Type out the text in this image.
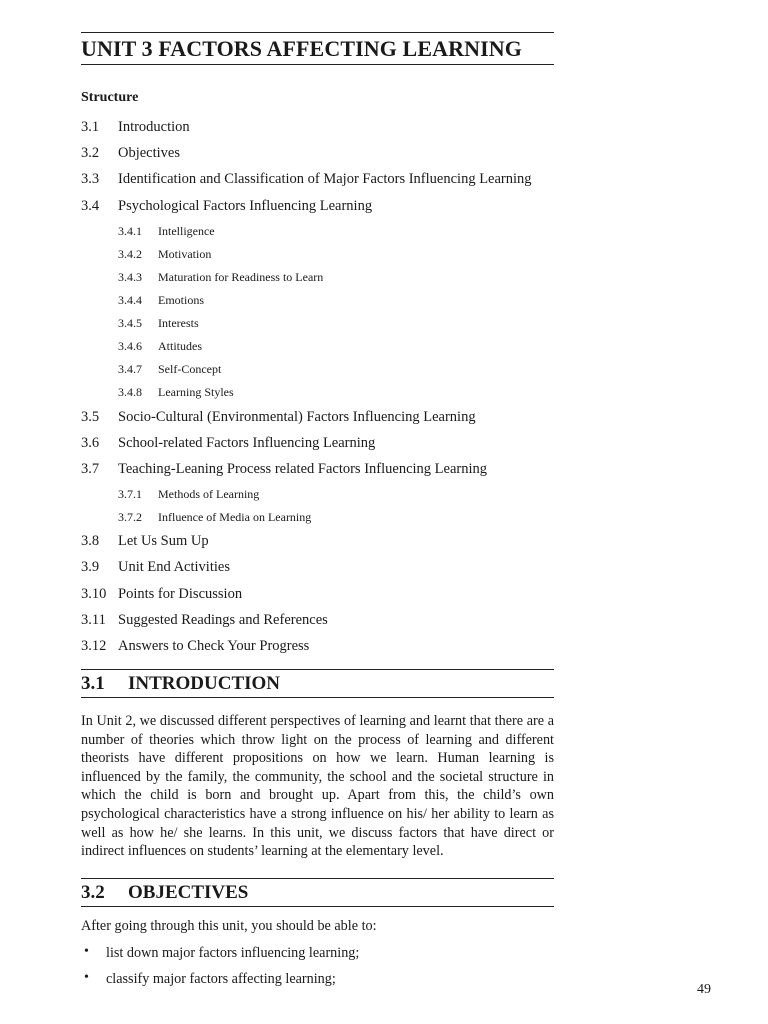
UNIT 3 FACTORS AFFECTING LEARNING
Structure
3.1 Introduction
3.2 Objectives
3.3 Identification and Classification of Major Factors Influencing Learning
3.4 Psychological Factors Influencing Learning
3.4.1 Intelligence
3.4.2 Motivation
3.4.3 Maturation for Readiness to Learn
3.4.4 Emotions
3.4.5 Interests
3.4.6 Attitudes
3.4.7 Self-Concept
3.4.8 Learning Styles
3.5 Socio-Cultural (Environmental) Factors Influencing Learning
3.6 School-related Factors Influencing Learning
3.7 Teaching-Leaning Process related Factors Influencing Learning
3.7.1 Methods of Learning
3.7.2 Influence of Media on Learning
3.8 Let Us Sum Up
3.9 Unit End Activities
3.10 Points for Discussion
3.11 Suggested Readings and References
3.12 Answers to Check Your Progress
3.1 INTRODUCTION

In Unit 2, we discussed different perspectives of learning and learnt that there are a number of theories which throw light on the process of learning and different theorists have different propositions on how we learn. Human learning is influenced by the family, the community, the school and the societal structure in which the child is born and brought up. Apart from this, the child’s own psychological characteristics have a strong influence on his/ her ability to learn as well as how he/ she learns. In this unit, we discuss factors that have direct or indirect influences on students’ learning at the elementary level.

3.2 OBJECTIVES
After going through this unit, you should be able to:
• list down major factors influencing learning;
• classify major factors affecting learning;
49
